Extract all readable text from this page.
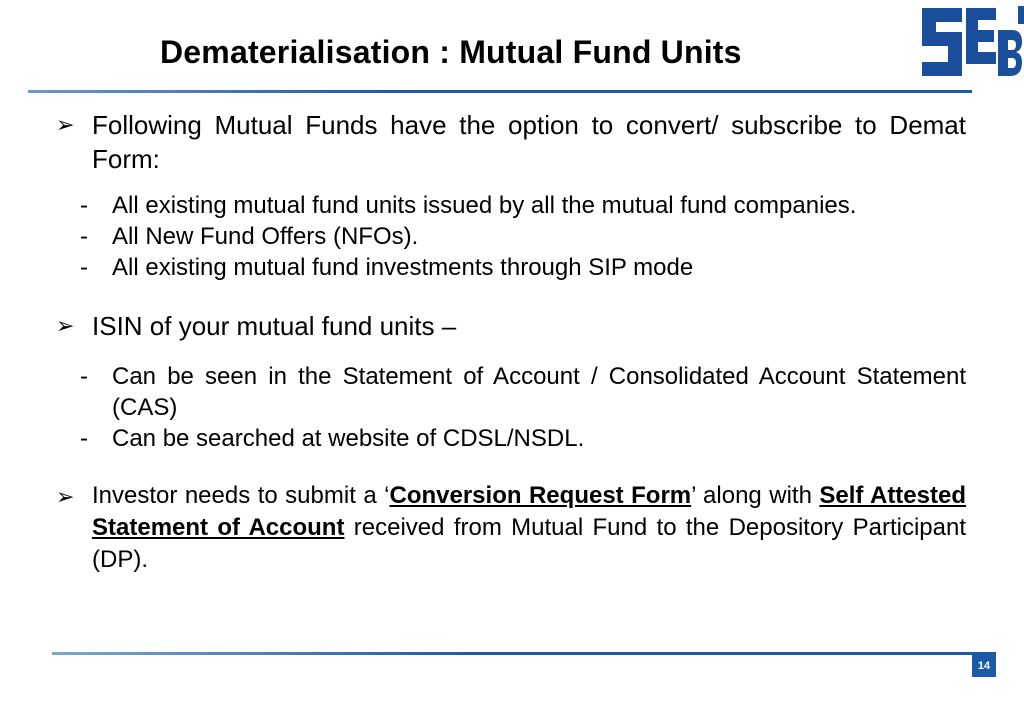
Dematerialisation : Mutual Fund Units
➢ Following Mutual Funds have the option to convert/ subscribe to Demat Form:
-	All existing mutual fund units issued by all the mutual fund companies.
-	All New Fund Offers (NFOs).
-	All existing mutual fund investments through SIP mode
➢ ISIN of your mutual fund units –
-	Can be seen in the Statement of Account / Consolidated Account Statement (CAS)
-	Can be searched at website of CDSL/NSDL.
➢ Investor needs to submit a ‘Conversion Request Form’ along with Self Attested Statement of Account received from Mutual Fund to the Depository Participant (DP).
14
